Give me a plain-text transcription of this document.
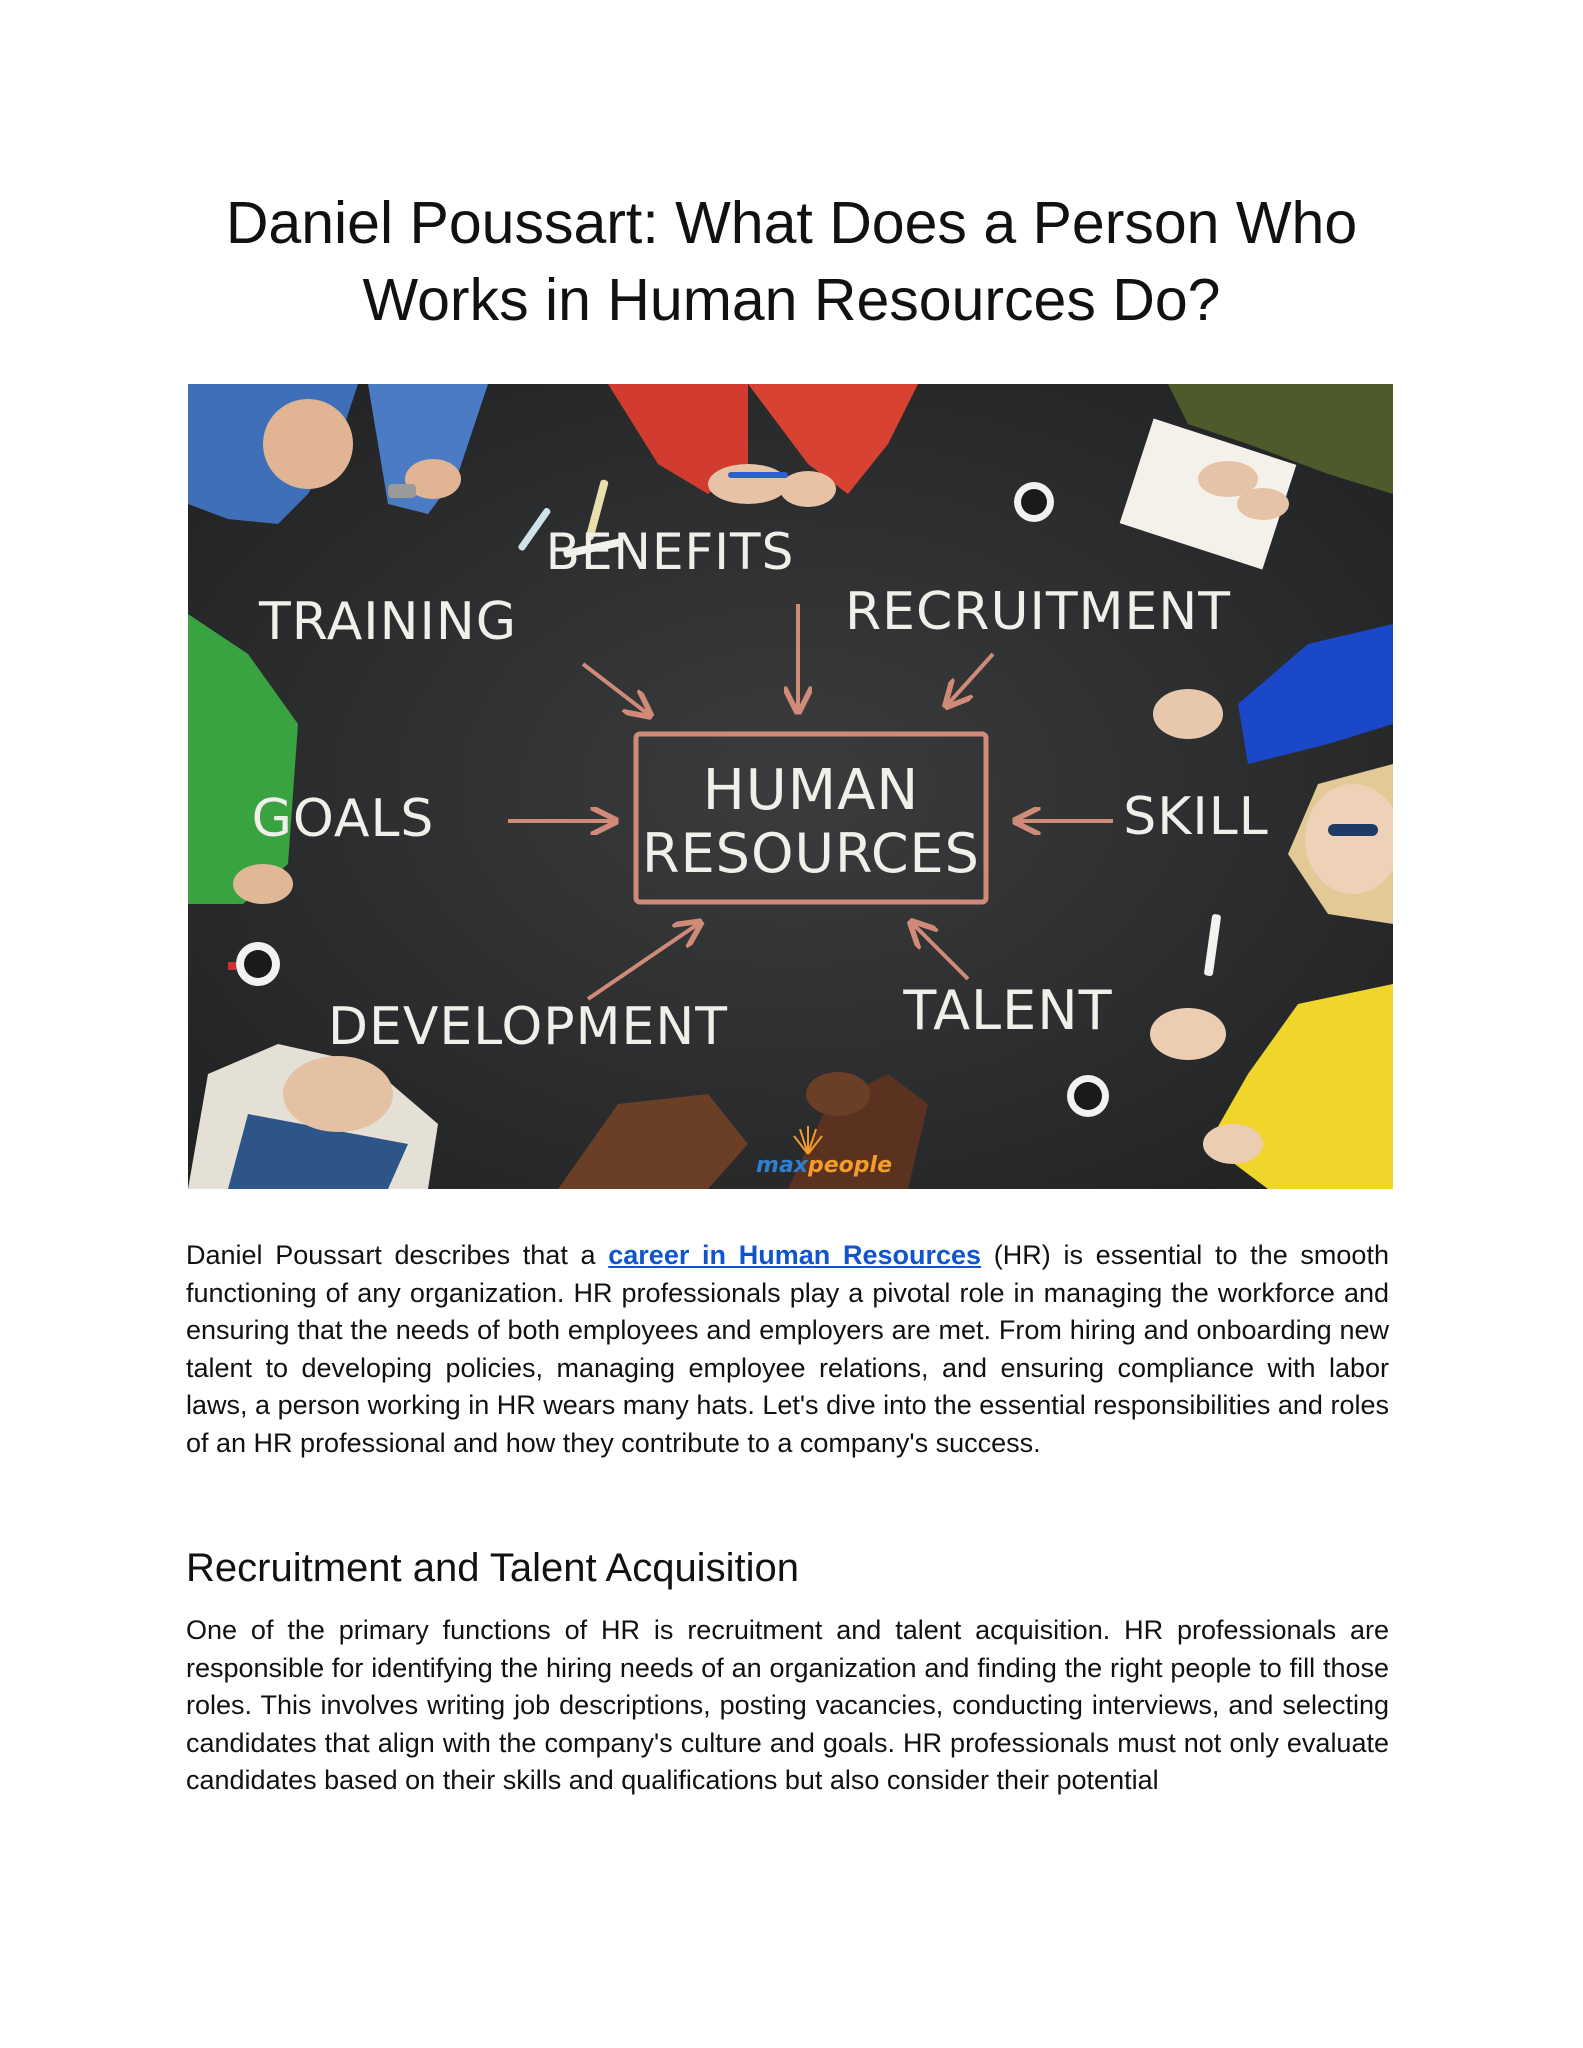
Daniel Poussart: What Does a Person Who Works in Human Resources Do?
HUMAN
RESOURCES
BENEFITS
TRAINING	RECRUITMENT
GOALS	SKILL
DEVELOPMENT	TALENT
max people

Daniel Poussart describes that a career in Human Resources (HR) is essential to the smooth functioning of any organization. HR professionals play a pivotal role in managing the workforce and ensuring that the needs of both employees and employers are met. From hiring and onboarding new talent to developing policies, managing employee relations, and ensuring compliance with labor laws, a person working in HR wears many hats. Let's dive into the essential responsibilities and roles of an HR professional and how they contribute to a company's success.

Recruitment and Talent Acquisition

One of the primary functions of HR is recruitment and talent acquisition. HR professionals are responsible for identifying the hiring needs of an organization and finding the right people to fill those roles. This involves writing job descriptions, posting vacancies, conducting interviews, and selecting candidates that align with the company's culture and goals. HR professionals must not only evaluate candidates based on their skills and qualifications but also consider their potential
